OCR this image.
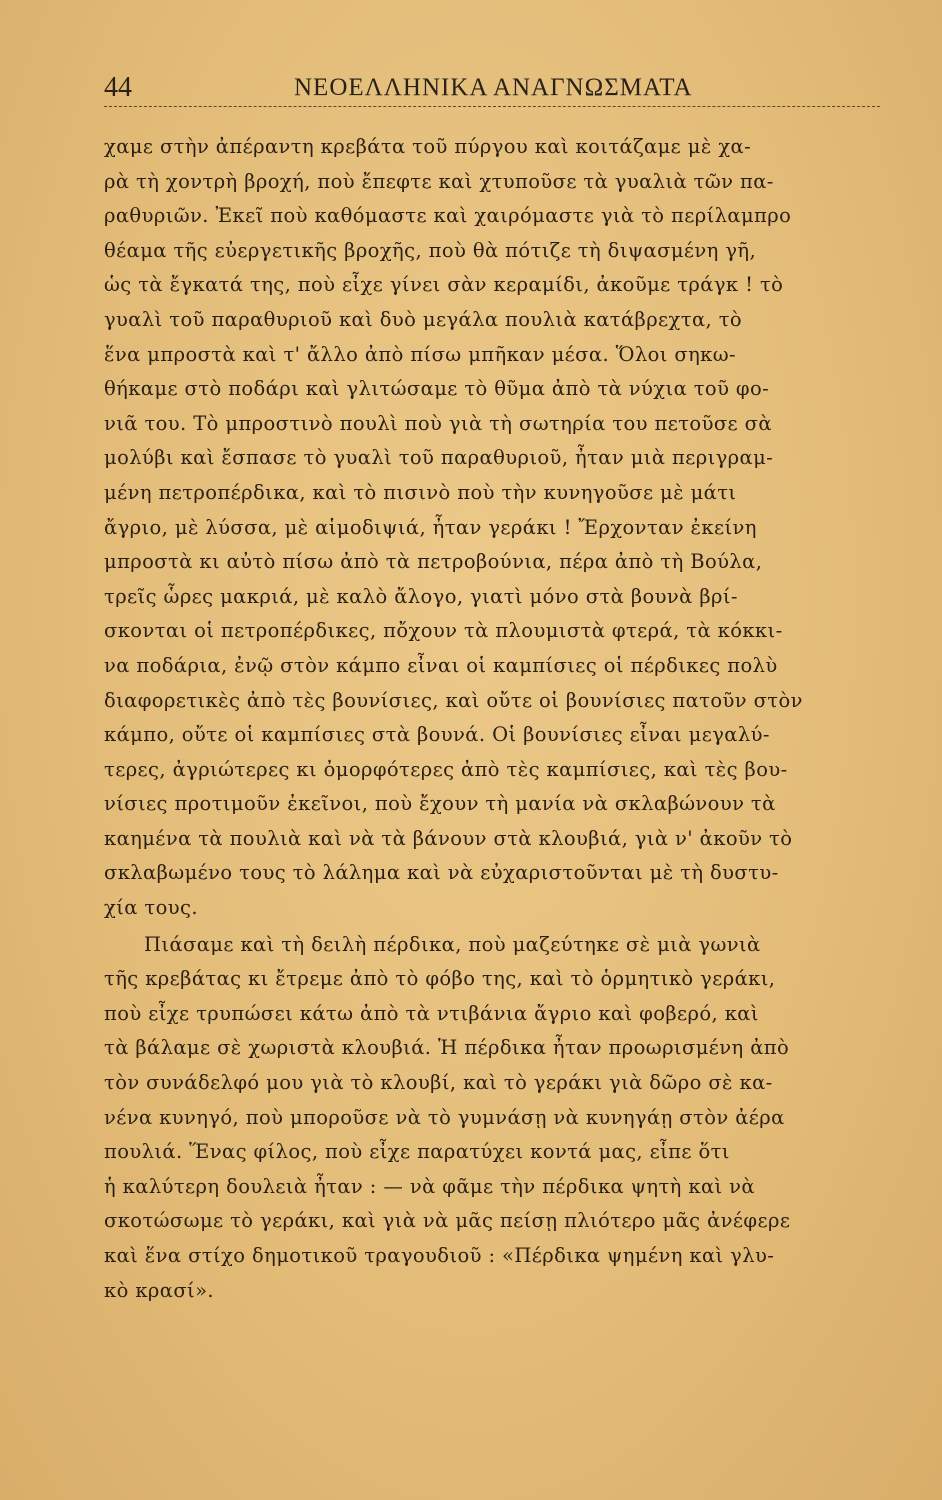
44	ΝΕΟΕΛΛΗΝΙΚΑ ΑΝΑΓΝΩΣΜΑΤΑ
χαμε στὴν ἀπέραντη κρεβάτα τοῦ πύργου καὶ κοιτάζαμε μὲ χα-
ρὰ τὴ χοντρὴ βροχή, ποὺ ἔπεφτε καὶ χτυποῦσε τὰ γυαλιὰ τῶν πα-
ραθυριῶν. Ἐκεῖ ποὺ καθόμαστε καὶ χαιρόμαστε γιὰ τὸ περίλαμπρο
θέαμα τῆς εὐεργετικῆς βροχῆς, ποὺ θὰ πότιζε τὴ διψασμένη γῆ,
ὡς τὰ ἔγκατά της, ποὺ εἶχε γίνει σὰν κεραμίδι, ἀκοῦμε τράγκ ! τὸ
γυαλὶ τοῦ παραθυριοῦ καὶ δυὸ μεγάλα πουλιὰ κατάβρεχτα, τὸ
ἕνα μπροστὰ καὶ τ' ἄλλο ἀπὸ πίσω μπῆκαν μέσα. Ὅλοι σηκω-
θήκαμε στὸ ποδάρι καὶ γλιτώσαμε τὸ θῦμα ἀπὸ τὰ νύχια τοῦ φο-
νιᾶ του. Τὸ μπροστινὸ πουλὶ ποὺ γιὰ τὴ σωτηρία του πετοῦσε σὰ
μολύβι καὶ ἔσπασε τὸ γυαλὶ τοῦ παραθυριοῦ, ἦταν μιὰ περιγραμ-
μένη πετροπέρδικα, καὶ τὸ πισινὸ ποὺ τὴν κυνηγοῦσε μὲ μάτι
ἄγριο, μὲ λύσσα, μὲ αἱμοδιψιά, ἦταν γεράκι ! Ἔρχονταν ἐκείνη
μπροστὰ κι αὐτὸ πίσω ἀπὸ τὰ πετροβούνια, πέρα ἀπὸ τὴ Βούλα,
τρεῖς ὧρες μακριά, μὲ καλὸ ἄλογο, γιατὶ μόνο στὰ βουνὰ βρί-
σκονται οἱ πετροπέρδικες, πὄχουν τὰ πλουμιστὰ φτερά, τὰ κόκκι-
να ποδάρια, ἐνῷ στὸν κάμπο εἶναι οἱ καμπίσιες οἱ πέρδικες πολὺ
διαφορετικὲς ἀπὸ τὲς βουνίσιες, καὶ οὔτε οἱ βουνίσιες πατοῦν στὸν
κάμπο, οὔτε οἱ καμπίσιες στὰ βουνά. Οἱ βουνίσιες εἶναι μεγαλύ-
τερες, ἀγριώτερες κι ὀμορφότερες ἀπὸ τὲς καμπίσιες, καὶ τὲς βου-
νίσιες προτιμοῦν ἐκεῖνοι, ποὺ ἔχουν τὴ μανία νὰ σκλαβώνουν τὰ
καημένα τὰ πουλιὰ καὶ νὰ τὰ βάνουν στὰ κλουβιά, γιὰ ν' ἀκοῦν τὸ
σκλαβωμένο τους τὸ λάλημα καὶ νὰ εὐχαριστοῦνται μὲ τὴ δυστυ-
χία τους.
Πιάσαμε καὶ τὴ δειλὴ πέρδικα, ποὺ μαζεύτηκε σὲ μιὰ γωνιὰ
τῆς κρεβάτας κι ἔτρεμε ἀπὸ τὸ φόβο της, καὶ τὸ ὁρμητικὸ γεράκι,
ποὺ εἶχε τρυπώσει κάτω ἀπὸ τὰ ντιβάνια ἄγριο καὶ φοβερό, καὶ
τὰ βάλαμε σὲ χωριστὰ κλουβιά. Ἡ πέρδικα ἦταν προωρισμένη ἀπὸ
τὸν συνάδελφό μου γιὰ τὸ κλουβί, καὶ τὸ γεράκι γιὰ δῶρο σὲ κα-
νένα κυνηγό, ποὺ μποροῦσε νὰ τὸ γυμνάσῃ νὰ κυνηγάῃ στὸν ἀέρα
πουλιά. Ἕνας φίλος, ποὺ εἶχε παρατύχει κοντά μας, εἶπε ὅτι
ἡ καλύτερη δουλειὰ ἦταν : — νὰ φᾶμε τὴν πέρδικα ψητὴ καὶ νὰ
σκοτώσωμε τὸ γεράκι, καὶ γιὰ νὰ μᾶς πείσῃ πλιότερο μᾶς ἀνέφερε
καὶ ἕνα στίχο δημοτικοῦ τραγουδιοῦ : «Πέρδικα ψημένη καὶ γλυ-
κὸ κρασί».
